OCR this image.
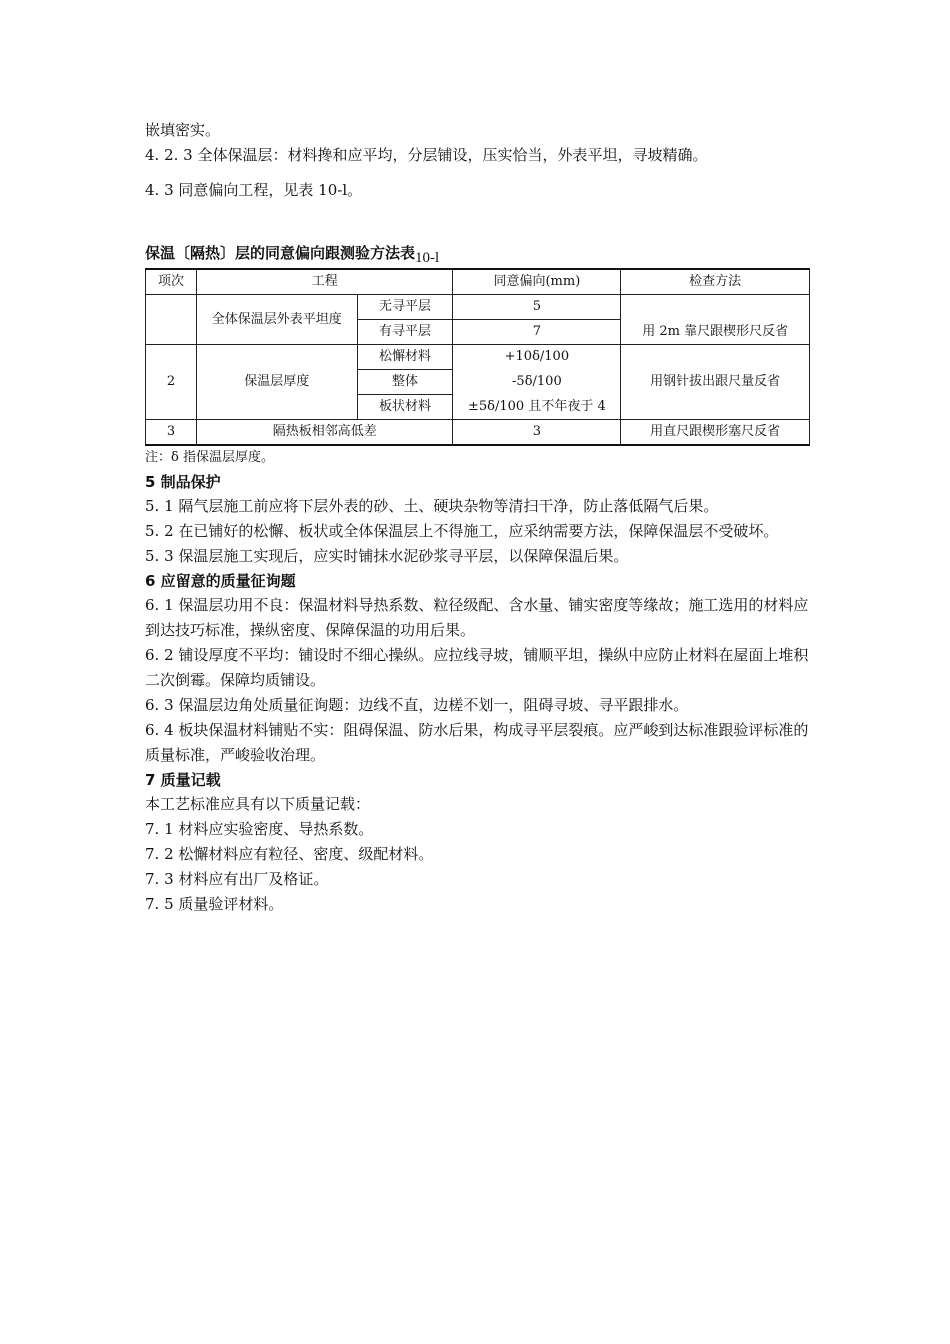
嵌填密实。

4. 2. 3 全体保温层：材料搀和应平均，分层铺设，压实恰当，外表平坦，寻坡精确。

4. 3 同意偏向工程，见表 10-l。

保温〔隔热〕层的同意偏向跟测验方法表10-l
项次	工程		同意偏向(mm)	检查方法
	全体保温层外表平坦度	无寻平层	5	用 2m 靠尺跟楔形尺反省
		有寻平层	7	
2	保温层厚度	松懈材料	+10δ/100	用钢针拔出跟尺量反省
		整体	-5δ/100	
		板状材料	±5δ/100 且不年夜于 4	
3	隔热板相邻高低差		3	用直尺跟楔形塞尺反省

注：δ 指保温层厚度。

5 制品保护

5. 1 隔气层施工前应将下层外表的砂、土、硬块杂物等清扫干净，防止落低隔气后果。

5. 2 在已铺好的松懈、板状或全体保温层上不得施工，应采纳需要方法，保障保温层不受破坏。

5. 3 保温层施工实现后，应实时铺抹水泥砂浆寻平层，以保障保温后果。

6 应留意的质量征询题

6. 1 保温层功用不良：保温材料导热系数、粒径级配、含水量、铺实密度等缘故；施工选用的材料应到达技巧标准，操纵密度、保障保温的功用后果。

6. 2 铺设厚度不平均：铺设时不细心操纵。应拉线寻坡，铺顺平坦，操纵中应防止材料在屋面上堆积二次倒霉。保障均质铺设。

6. 3 保温层边角处质量征询题：边线不直，边槎不划一，阻碍寻坡、寻平跟排水。

6. 4 板块保温材料铺贴不实：阻碍保温、防水后果，构成寻平层裂痕。应严峻到达标准跟验评标准的质量标准，严峻验收治理。

7 质量记载

本工艺标准应具有以下质量记载：

7. 1 材料应实验密度、导热系数。

7. 2 松懈材料应有粒径、密度、级配材料。

7. 3 材料应有出厂及格证。

7. 5 质量验评材料。
